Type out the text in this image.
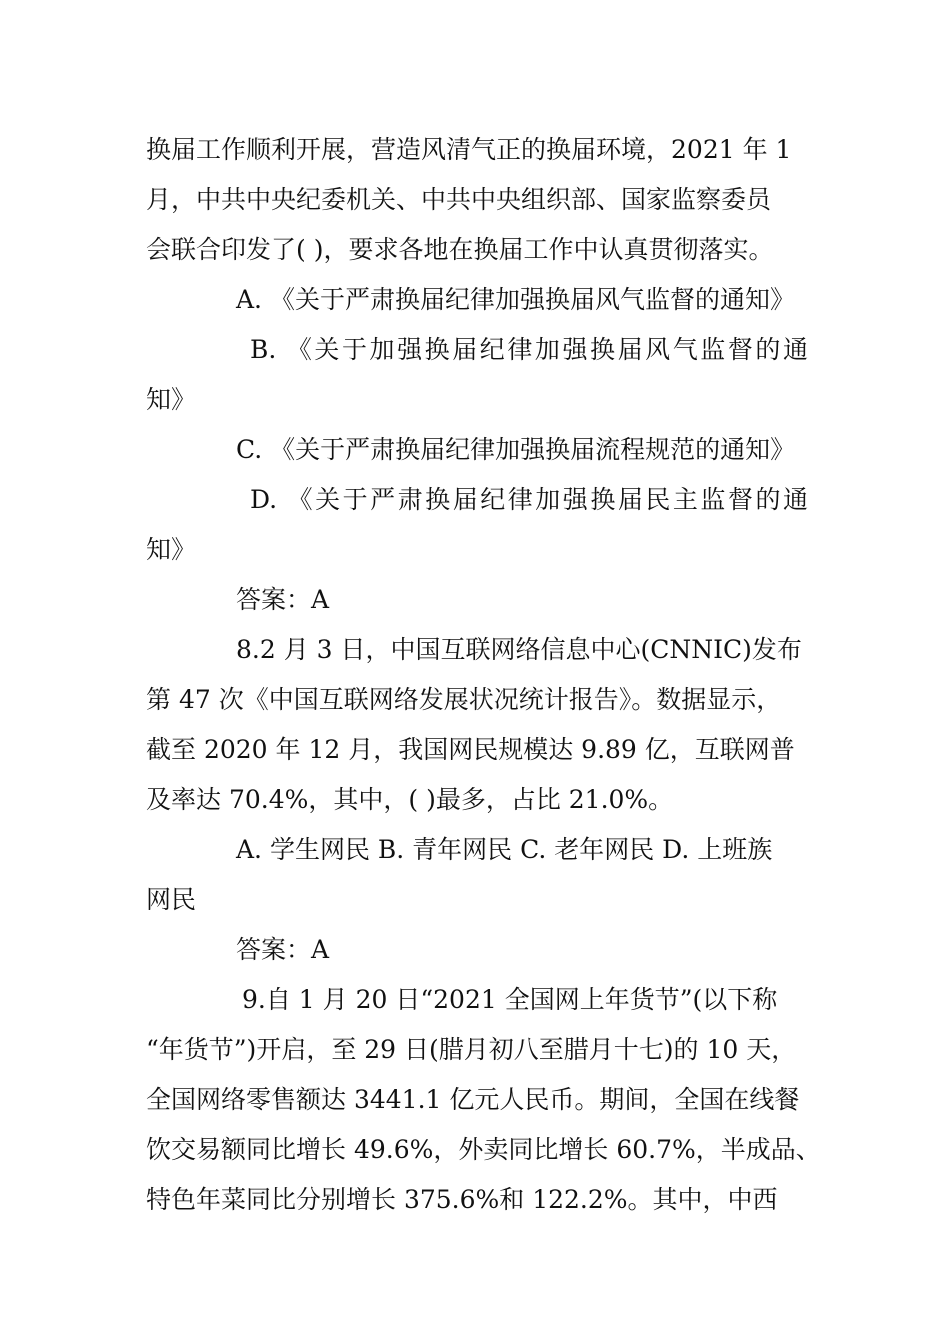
换届工作顺利开展，营造风清气正的换届环境，2021 年 1
月，中共中央纪委机关、中共中央组织部、国家监察委员
会联合印发了( )，要求各地在换届工作中认真贯彻落实。
A. 《关于严肃换届纪律加强换届风气监督的通知》
B. 《关于加强换届纪律加强换届风气监督的通
知》
C. 《关于严肃换届纪律加强换届流程规范的通知》
D. 《关于严肃换届纪律加强换届民主监督的通
知》
答案：A
8.2 月 3 日，中国互联网络信息中心(CNNIC)发布
第 47 次《中国互联网络发展状况统计报告》。数据显示，
截至 2020 年 12 月，我国网民规模达 9.89 亿，互联网普
及率达 70.4%，其中，( )最多，占比 21.0%。
A. 学生网民 B. 青年网民 C. 老年网民 D. 上班族
网民
答案：A
9.自 1 月 20 日“2021 全国网上年货节”(以下称
“年货节”)开启，至 29 日(腊月初八至腊月十七)的 10 天，
全国网络零售额达 3441.1 亿元人民币。期间，全国在线餐
饮交易额同比增长 49.6%，外卖同比增长 60.7%，半成品、
特色年菜同比分别增长 375.6%和 122.2%。其中，中西
